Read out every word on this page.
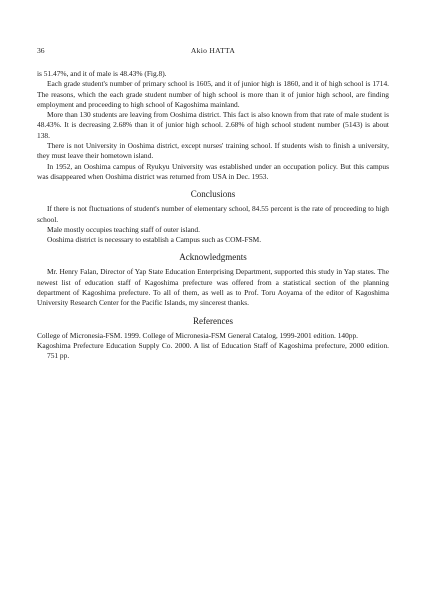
36	Akio HATTA

is 51.47%, and it of male is 48.43% (Fig.8).

Each grade student's number of primary school is 1605, and it of junior high is 1860, and it of high school is 1714. The reasons, which the each grade student number of high school is more than it of junior high school, are finding employment and proceeding to high school of Kagoshima mainland.

More than 130 students are leaving from Ooshima district. This fact is also known from that rate of male student is 48.43%. It is decreasing 2.68% than it of junior high school. 2.68% of high school student number (5143) is about 138.

There is not University in Ooshima district, except nurses' training school. If students wish to finish a university, they must leave their hometown island.

In 1952, an Ooshima campus of Ryukyu University was established under an occupation policy. But this campus was disappeared when Ooshima district was returned from USA in Dec. 1953.

Conclusions

If there is not fluctuations of student's number of elementary school, 84.55 percent is the rate of proceeding to high school.

Male mostly occupies teaching staff of outer island.

Ooshima district is necessary to establish a Campus such as COM-FSM.

Acknowledgments

Mr. Henry Falan, Director of Yap State Education Enterprising Department, supported this study in Yap states. The newest list of education staff of Kagoshima prefecture was offered from a statistical section of the planning department of Kagoshima prefecture. To all of them, as well as to Prof. Toru Aoyama of the editor of Kagoshima University Research Center for the Pacific Islands, my sincerest thanks.

References

College of Micronesia-FSM. 1999. College of Micronesia-FSM General Catalog, 1999-2001 edition. 140pp.

Kagoshima Prefecture Education Supply Co. 2000. A list of Education Staff of Kagoshima prefecture, 2000 edition. 751 pp.
